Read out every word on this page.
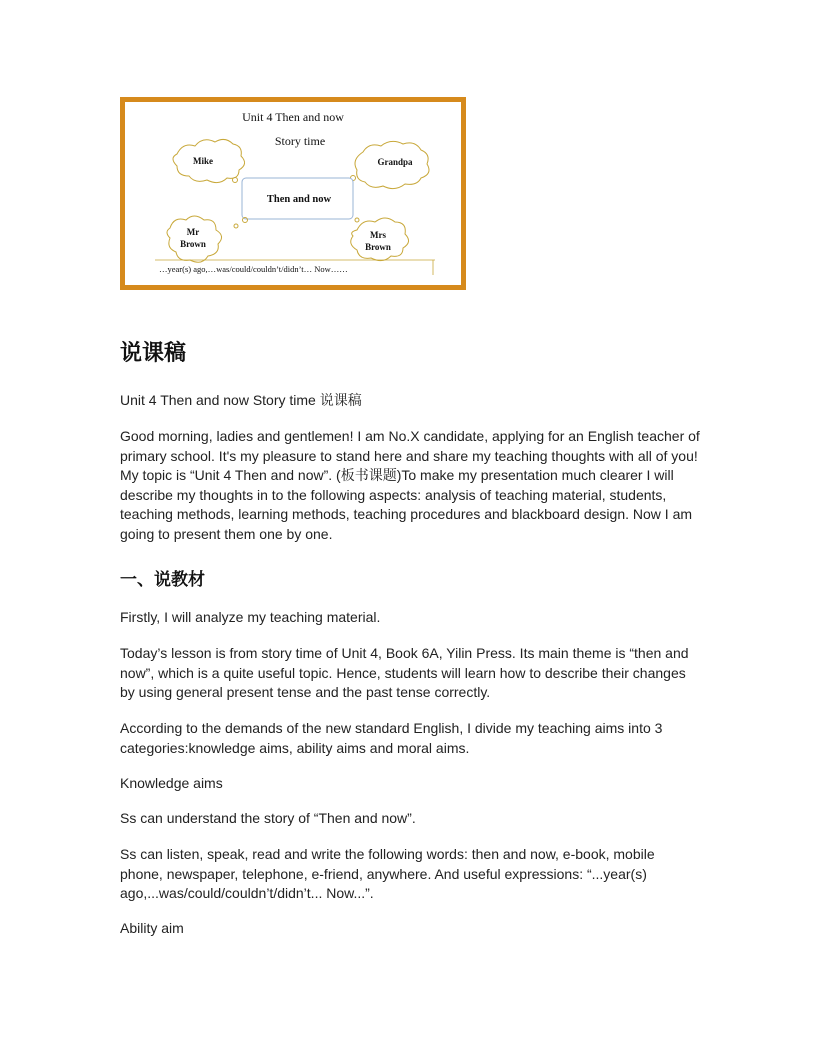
Unit 4 Then and now
Story time
Mike	Grandpa
Then and now
Mr
Brown
Mrs
Brown
…year(s) ago,…was/could/couldn’t/didn’t… Now……
说课稿

Unit 4 Then and now Story time 说课稿

Good morning, ladies and gentlemen! I am No.X candidate, applying for an English teacher of primary school. It's my pleasure to stand here and share my teaching thoughts with all of you! My topic is “Unit 4 Then and now”. (板书课题)To make my presentation much clearer I will describe my thoughts in to the following aspects: analysis of teaching material, students, teaching methods, learning methods, teaching procedures and blackboard design. Now I am going to present them one by one.

一、说教材

Firstly, I will analyze my teaching material.

Today’s lesson is from story time of Unit 4, Book 6A, Yilin Press. Its main theme is “then and now”, which is a quite useful topic. Hence, students will learn how to describe their changes by using general present tense and the past tense correctly.

According to the demands of the new standard English, I divide my teaching aims into 3 categories:knowledge aims, ability aims and moral aims.

Knowledge aims

Ss can understand the story of “Then and now”.

Ss can listen, speak, read and write the following words: then and now, e-book, mobile phone, newspaper, telephone, e-friend, anywhere. And useful expressions: “...year(s) ago,...was/could/couldn’t/didn’t... Now...”.

Ability aim
